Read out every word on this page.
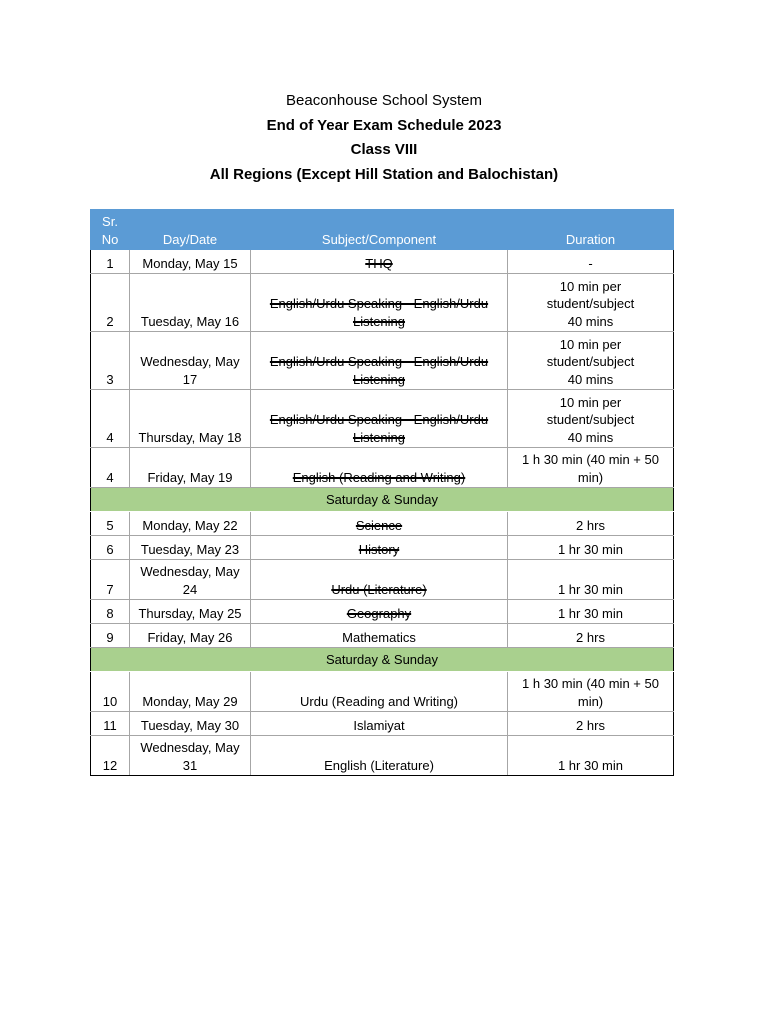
Beaconhouse School System
End of Year Exam Schedule 2023
Class VIII
All Regions (Except Hill Station and Balochistan)
Sr.
No	Day/Date	Subject/Component	Duration
1	Monday, May 15	THQ	-
2	Tuesday, May 16	English/Urdu Speaking - English/Urdu
Listening	10 min per
student/subject
40 mins
3	Wednesday, May
17	English/Urdu Speaking - English/Urdu
Listening	10 min per
student/subject
40 mins
4	Thursday, May 18	English/Urdu Speaking - English/Urdu
Listening	10 min per
student/subject
40 mins
4	Friday, May 19	English (Reading and Writing)	1 h 30 min (40 min + 50
min)
Saturday & Sunday			
5	Monday, May 22	Science	2 hrs
6	Tuesday, May 23	History	1 hr 30 min
7	Wednesday, May
24	Urdu (Literature)	1 hr 30 min
8	Thursday, May 25	Geography	1 hr 30 min
9	Friday, May 26	Mathematics	2 hrs
Saturday & Sunday			
10	Monday, May 29	Urdu (Reading and Writing)	1 h 30 min (40 min + 50
min)
11	Tuesday, May 30	Islamiyat	2 hrs
12	Wednesday, May
31	English (Literature)	1 hr 30 min
